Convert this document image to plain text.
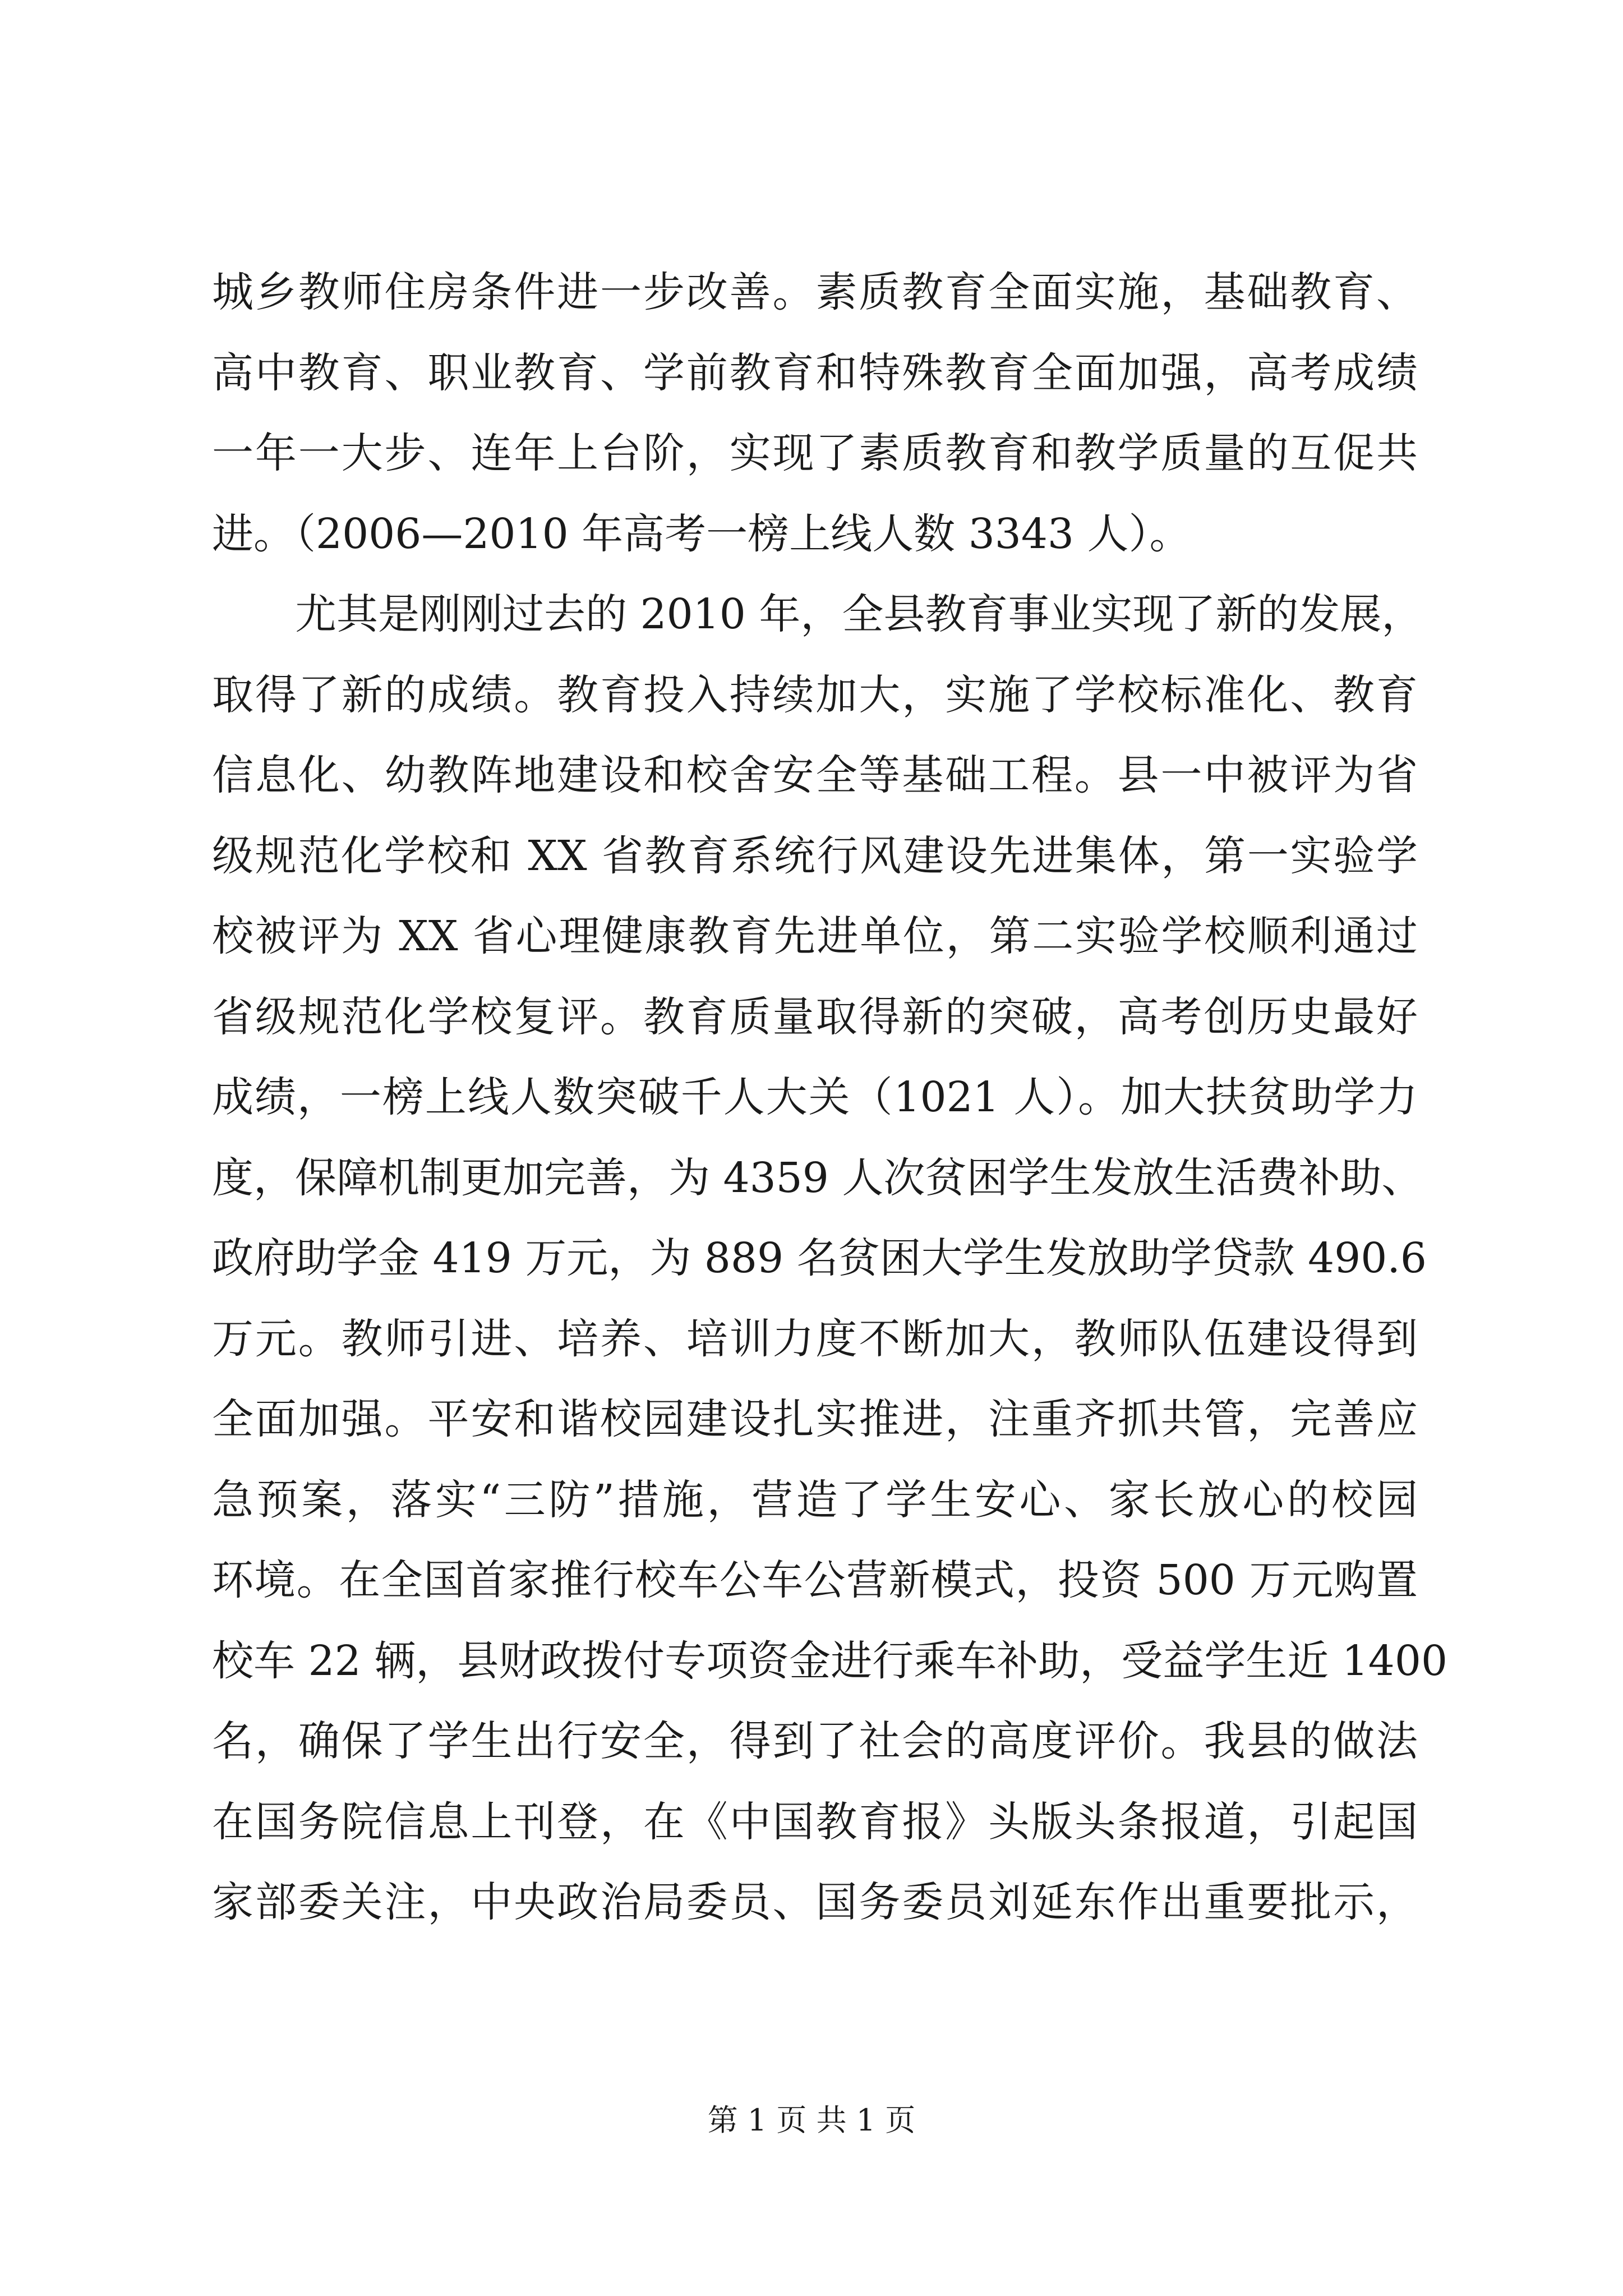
城乡教师住房条件进一步改善。素质教育全面实施，基础教育、
高中教育、职业教育、学前教育和特殊教育全面加强，高考成绩
一年一大步、连年上台阶，实现了素质教育和教学质量的互促共
进。（2006—2010 年高考一榜上线人数 3343 人）。
　　尤其是刚刚过去的 2010 年，全县教育事业实现了新的发展，
取得了新的成绩。教育投入持续加大，实施了学校标准化、教育
信息化、幼教阵地建设和校舍安全等基础工程。县一中被评为省
级规范化学校和 XX 省教育系统行风建设先进集体，第一实验学
校被评为 XX 省心理健康教育先进单位，第二实验学校顺利通过
省级规范化学校复评。教育质量取得新的突破，高考创历史最好
成绩，一榜上线人数突破千人大关（1021 人）。加大扶贫助学力
度，保障机制更加完善，为 4359 人次贫困学生发放生活费补助、
政府助学金 419 万元，为 889 名贫困大学生发放助学贷款 490.6
万元。教师引进、培养、培训力度不断加大，教师队伍建设得到
全面加强。平安和谐校园建设扎实推进，注重齐抓共管，完善应
急预案，落实“三防”措施，营造了学生安心、家长放心的校园
环境。在全国首家推行校车公车公营新模式，投资 500 万元购置
校车 22 辆，县财政拨付专项资金进行乘车补助，受益学生近 1400
名，确保了学生出行安全，得到了社会的高度评价。我县的做法
在国务院信息上刊登，在《中国教育报》头版头条报道，引起国
家部委关注，中央政治局委员、国务委员刘延东作出重要批示，
第 1 页 共 1 页
